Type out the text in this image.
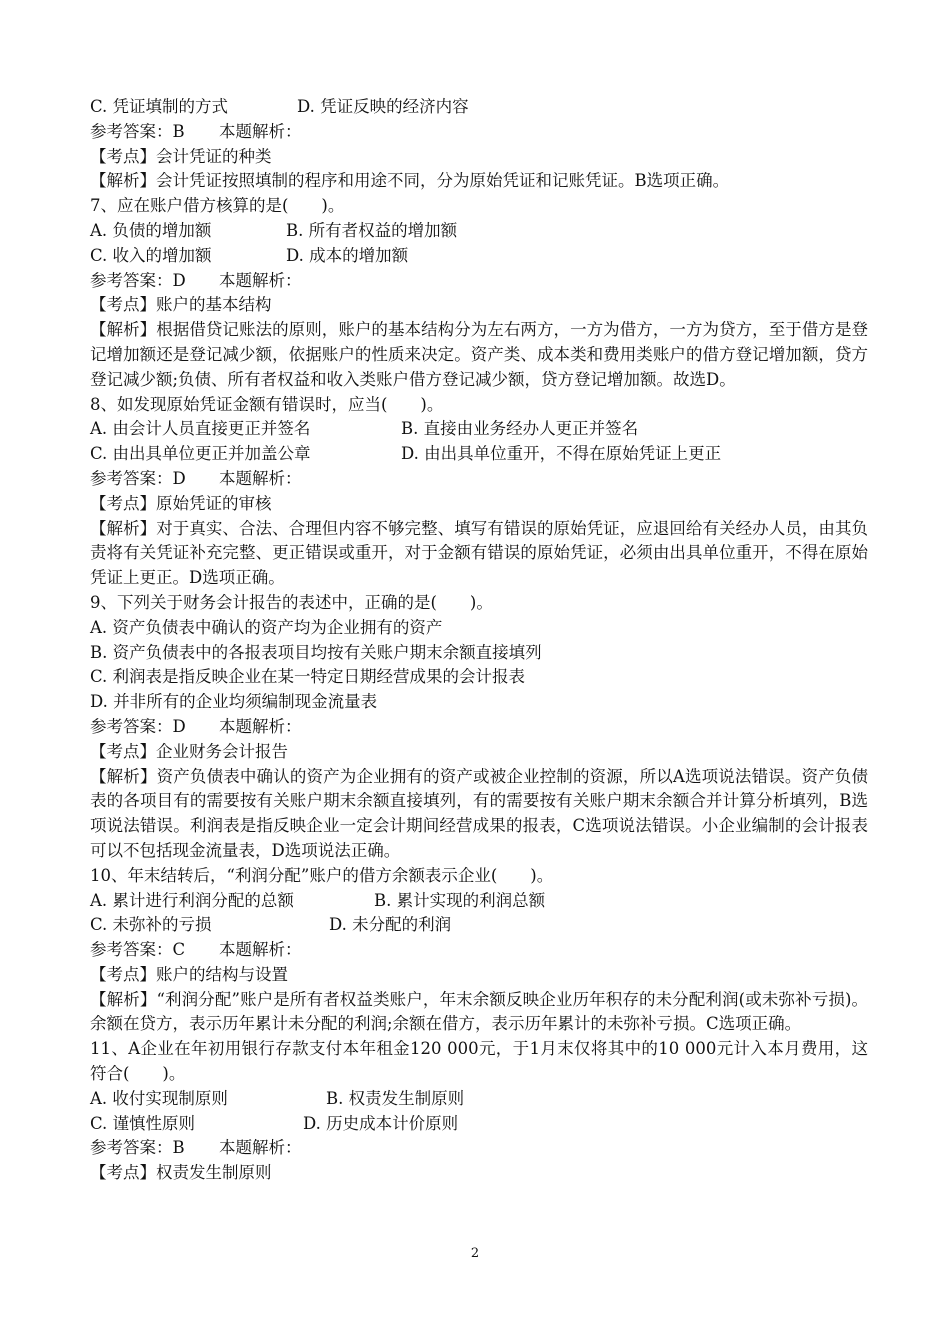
C. 凭证填制的方式	D. 凭证反映的经济内容
参考答案：B 本题解析：
【考点】会计凭证的种类
【解析】会计凭证按照填制的程序和用途不同，分为原始凭证和记账凭证。B选项正确。
7、应在账户借方核算的是(　　)。
A. 负债的增加额	B. 所有者权益的增加额
C. 收入的增加额	D. 成本的增加额
参考答案：D 本题解析：
【考点】账户的基本结构
【解析】根据借贷记账法的原则，账户的基本结构分为左右两方，一方为借方，一方为贷方，至于借方是登记增加额还是登记减少额，依据账户的性质来决定。资产类、成本类和费用类账户的借方登记增加额，贷方登记减少额;负债、所有者权益和收入类账户借方登记减少额，贷方登记增加额。故选D。
8、如发现原始凭证金额有错误时，应当(　　)。
A. 由会计人员直接更正并签名	B. 直接由业务经办人更正并签名
C. 由出具单位更正并加盖公章	D. 由出具单位重开，不得在原始凭证上更正
参考答案：D 本题解析：
【考点】原始凭证的审核
【解析】对于真实、合法、合理但内容不够完整、填写有错误的原始凭证，应退回给有关经办人员，由其负责将有关凭证补充完整、更正错误或重开，对于金额有错误的原始凭证，必须由出具单位重开，不得在原始凭证上更正。D选项正确。
9、下列关于财务会计报告的表述中，正确的是(　　)。
A. 资产负债表中确认的资产均为企业拥有的资产
B. 资产负债表中的各报表项目均按有关账户期末余额直接填列
C. 利润表是指反映企业在某一特定日期经营成果的会计报表
D. 并非所有的企业均须编制现金流量表
参考答案：D 本题解析：
【考点】企业财务会计报告
【解析】资产负债表中确认的资产为企业拥有的资产或被企业控制的资源，所以A选项说法错误。资产负债表的各项目有的需要按有关账户期末余额直接填列，有的需要按有关账户期末余额合并计算分析填列，B选项说法错误。利润表是指反映企业一定会计期间经营成果的报表，C选项说法错误。小企业编制的会计报表可以不包括现金流量表，D选项说法正确。
10、年末结转后，“利润分配”账户的借方余额表示企业(　　)。
A. 累计进行利润分配的总额	B. 累计实现的利润总额
C. 未弥补的亏损	D. 未分配的利润
参考答案：C 本题解析：
【考点】账户的结构与设置
【解析】“利润分配”账户是所有者权益类账户，年末余额反映企业历年积存的未分配利润(或未弥补亏损)。余额在贷方，表示历年累计未分配的利润;余额在借方，表示历年累计的未弥补亏损。C选项正确。
11、A企业在年初用银行存款支付本年租金120 000元，于1月末仅将其中的10 000元计入本月费用，这符合(　　)。
A. 收付实现制原则	B. 权责发生制原则
C. 谨慎性原则	D. 历史成本计价原则
参考答案：B 本题解析：
【考点】权责发生制原则
2
